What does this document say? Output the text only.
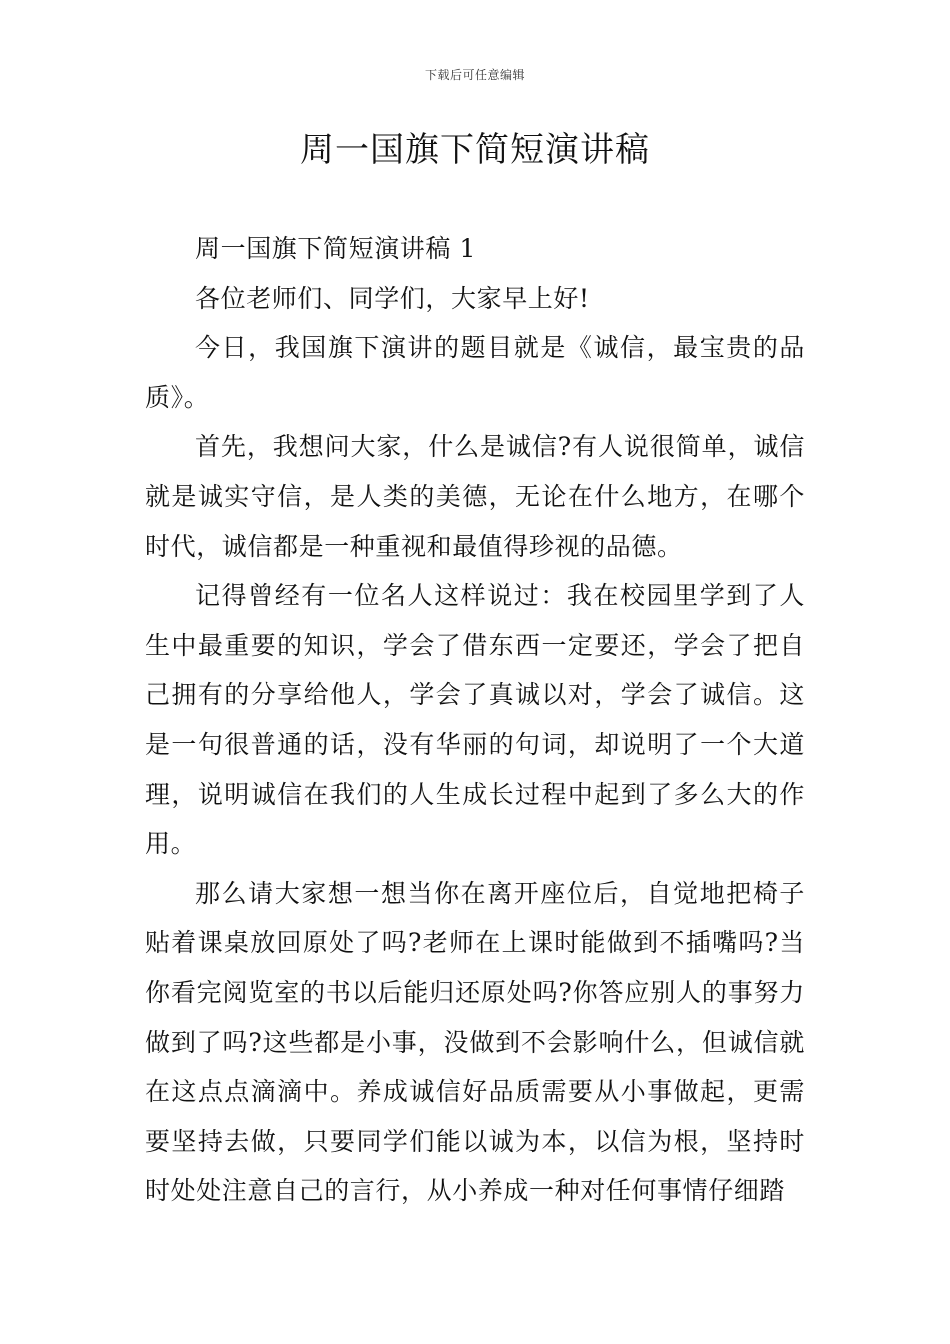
下载后可任意编辑
周一国旗下简短演讲稿

周一国旗下简短演讲稿 1

各位老师们、同学们，大家早上好!

今日，我国旗下演讲的题目就是《诚信，最宝贵的品质》。

首先，我想问大家，什么是诚信?有人说很简单，诚信就是诚实守信，是人类的美德，无论在什么地方，在哪个时代，诚信都是一种重视和最值得珍视的品德。

记得曾经有一位名人这样说过：我在校园里学到了人生中最重要的知识，学会了借东西一定要还，学会了把自己拥有的分享给他人，学会了真诚以对，学会了诚信。这是一句很普通的话，没有华丽的句词，却说明了一个大道理，说明诚信在我们的人生成长过程中起到了多么大的作用。

那么请大家想一想当你在离开座位后，自觉地把椅子贴着课桌放回原处了吗?老师在上课时能做到不插嘴吗?当你看完阅览室的书以后能归还原处吗?你答应别人的事努力做到了吗?这些都是小事，没做到不会影响什么，但诚信就在这点点滴滴中。养成诚信好品质需要从小事做起，更需要坚持去做，只要同学们能以诚为本，以信为根，坚持时时处处注意自己的言行，从小养成一种对任何事情仔细踏
